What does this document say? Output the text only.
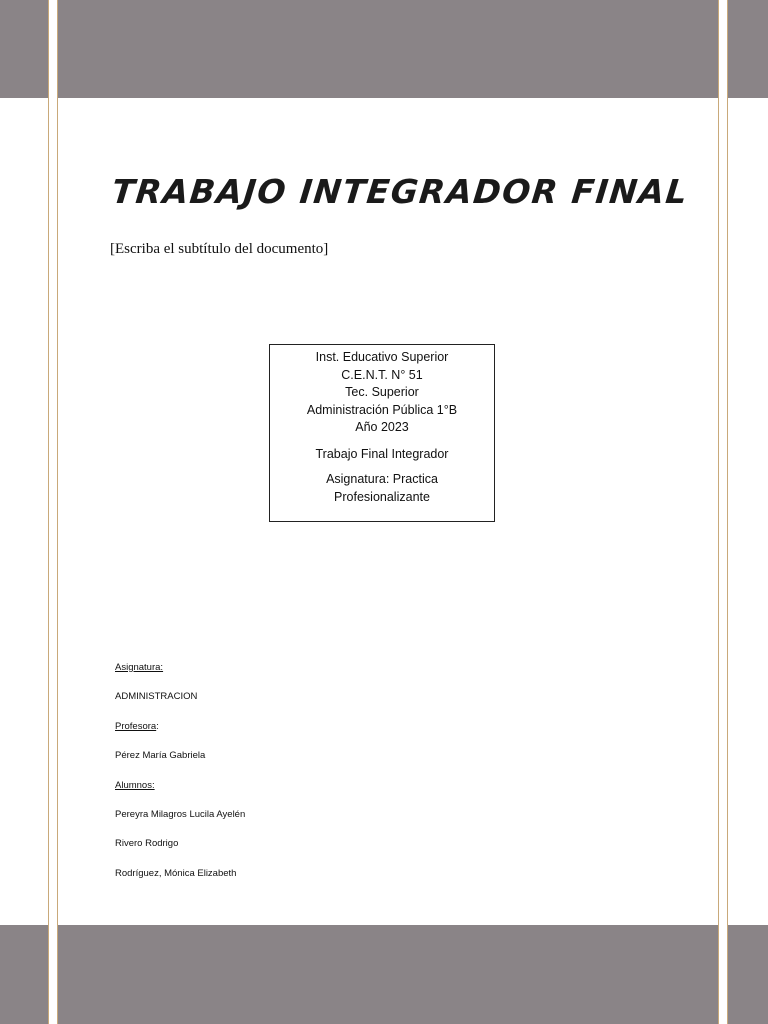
TRABAJO INTEGRADOR FINAL

[Escriba el subtítulo del documento]

Inst. Educativo Superior
C.E.N.T. N° 51
Tec. Superior
Administración Pública 1°B
Año 2023
Trabajo Final Integrador
Asignatura: Practica
Profesionalizante
Asignatura:
ADMINISTRACION
Profesora:
Pérez María Gabriela
Alumnos:
Pereyra Milagros Lucila Ayelén
Rivero Rodrigo
Rodríguez, Mónica Elizabeth
